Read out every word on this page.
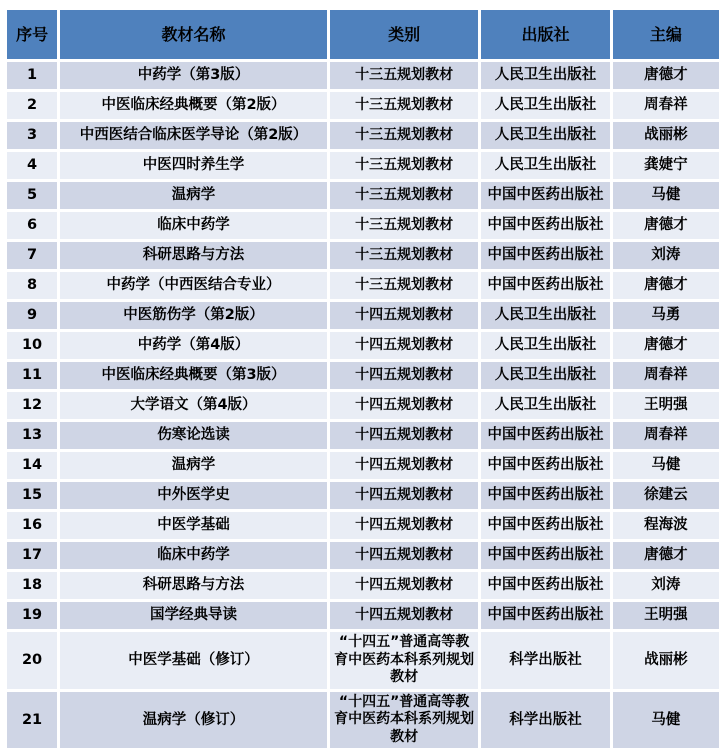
序号	教材名称	类别	出版社	主编
1	中药学（第3版）	十三五规划教材	人民卫生出版社	唐德才
2	中医临床经典概要（第2版）	十三五规划教材	人民卫生出版社	周春祥
3	中西医结合临床医学导论（第2版）	十三五规划教材	人民卫生出版社	战丽彬
4	中医四时养生学	十三五规划教材	人民卫生出版社	龚婕宁
5	温病学	十三五规划教材	中国中医药出版社	马健
6	临床中药学	十三五规划教材	中国中医药出版社	唐德才
7	科研思路与方法	十三五规划教材	中国中医药出版社	刘涛
8	中药学（中西医结合专业）	十三五规划教材	中国中医药出版社	唐德才
9	中医筋伤学（第2版）	十四五规划教材	人民卫生出版社	马勇
10	中药学（第4版）	十四五规划教材	人民卫生出版社	唐德才
11	中医临床经典概要（第3版）	十四五规划教材	人民卫生出版社	周春祥
12	大学语文（第4版）	十四五规划教材	人民卫生出版社	王明强
13	伤寒论选读	十四五规划教材	中国中医药出版社	周春祥
14	温病学	十四五规划教材	中国中医药出版社	马健
15	中外医学史	十四五规划教材	中国中医药出版社	徐建云
16	中医学基础	十四五规划教材	中国中医药出版社	程海波
17	临床中药学	十四五规划教材	中国中医药出版社	唐德才
18	科研思路与方法	十四五规划教材	中国中医药出版社	刘涛
19	国学经典导读	十四五规划教材	中国中医药出版社	王明强
20	中医学基础（修订）	“十四五”普通高等教育中医药本科系列规划教材	科学出版社	战丽彬
21	温病学（修订）	“十四五”普通高等教育中医药本科系列规划教材	科学出版社	马健
